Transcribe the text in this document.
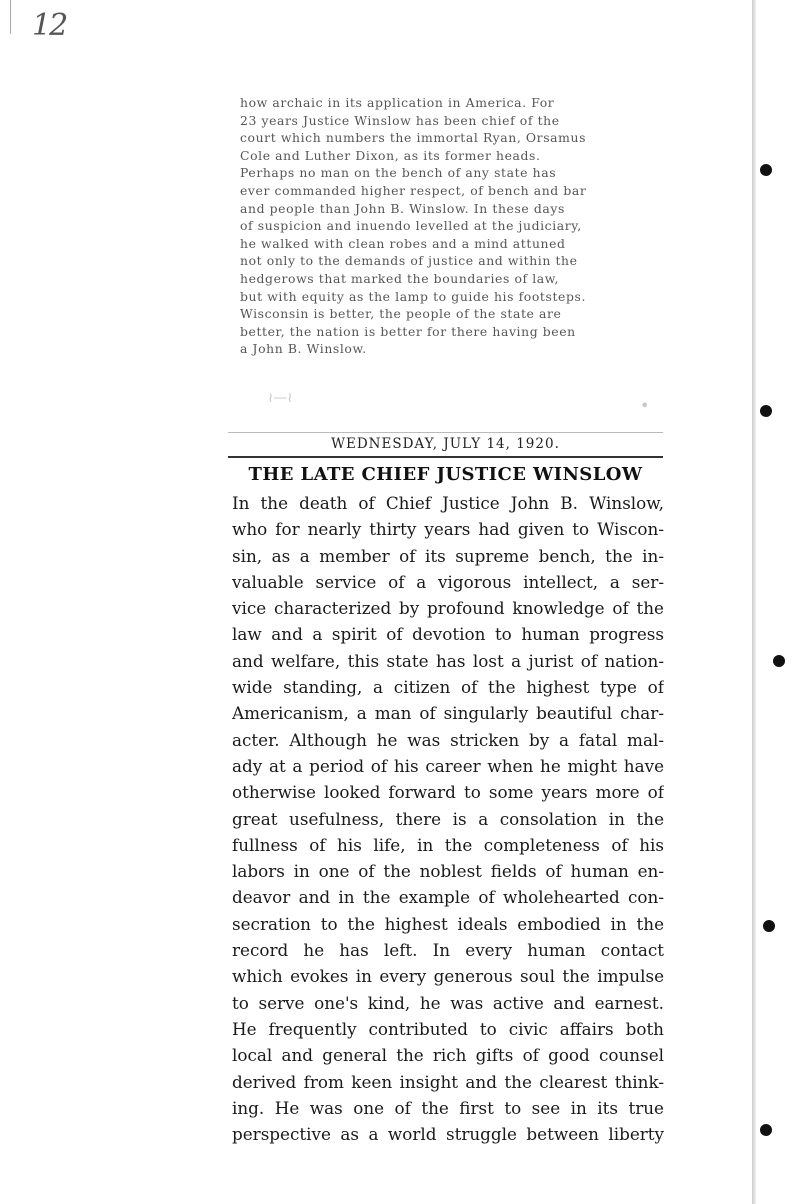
12
how archaic in its application in America. For
23 years Justice Winslow has been chief of the
court which numbers the immortal Ryan, Orsamus
Cole and Luther Dixon, as its former heads.
Perhaps no man on the bench of any state has
ever commanded higher respect, of bench and bar
and people than John B. Winslow. In these days
of suspicion and inuendo levelled at the judiciary,
he walked with clean robes and a mind attuned
not only to the demands of justice and within the
hedgerows that marked the boundaries of law,
but with equity as the lamp to guide his footsteps.
Wisconsin is better, the people of the state are
better, the nation is better for there having been
a John B. Winslow.
≀—≀	•
WEDNESDAY, JULY 14, 1920.
THE LATE CHIEF JUSTICE WINSLOW
In the death of Chief Justice John B. Winslow,
who for nearly thirty years had given to Wiscon-
sin, as a member of its supreme bench, the in-
valuable service of a vigorous intellect, a ser-
vice characterized by profound knowledge of the
law and a spirit of devotion to human progress
and welfare, this state has lost a jurist of nation-
wide standing, a citizen of the highest type of
Americanism, a man of singularly beautiful char-
acter. Although he was stricken by a fatal mal-
ady at a period of his career when he might have
otherwise looked forward to some years more of
great usefulness, there is a consolation in the
fullness of his life, in the completeness of his
labors in one of the noblest fields of human en-
deavor and in the example of wholehearted con-
secration to the highest ideals embodied in the
record he has left. In every human contact
which evokes in every generous soul the impulse
to serve one's kind, he was active and earnest.
He frequently contributed to civic affairs both
local and general the rich gifts of good counsel
derived from keen insight and the clearest think-
ing. He was one of the first to see in its true
perspective as a world struggle between liberty
